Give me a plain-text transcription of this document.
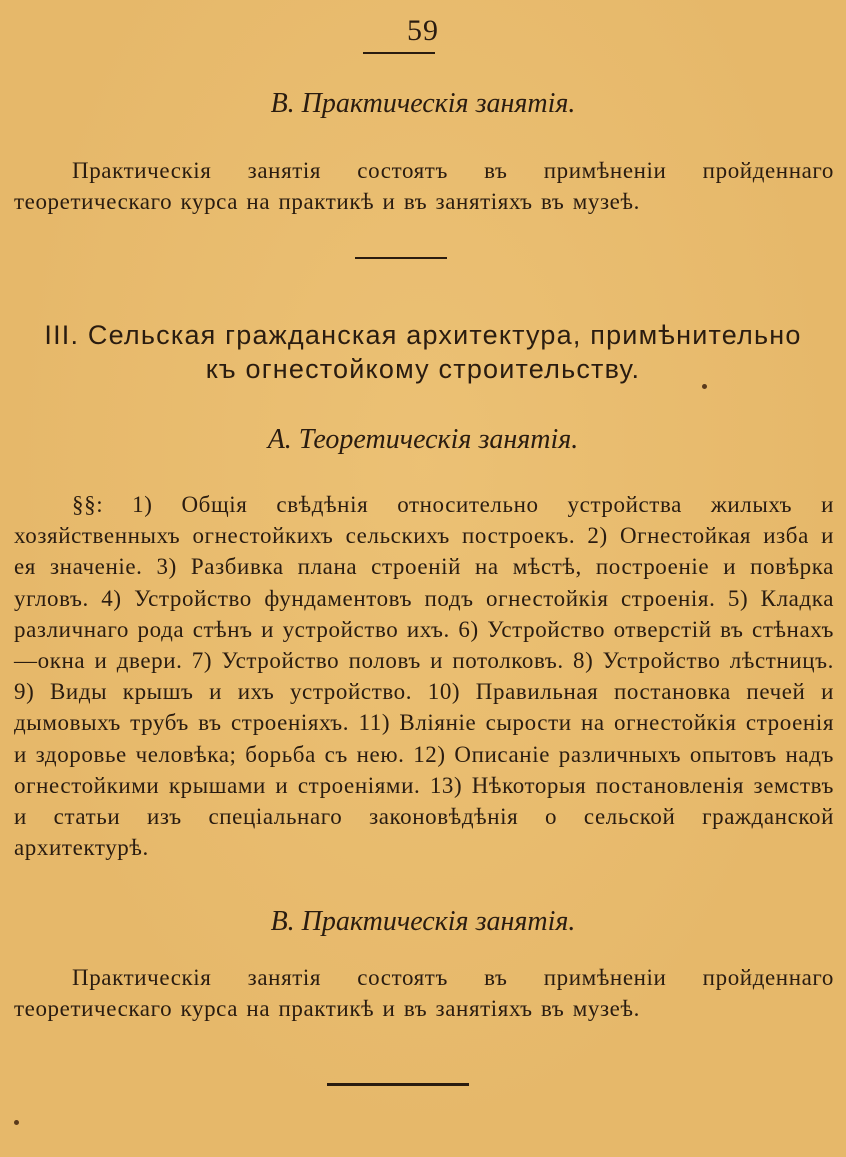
59
В. Практическія занятія.
Практическія занятія состоятъ въ примѣненіи пройденнаго теоретическаго курса на практикѣ и въ занятіяхъ въ музеѣ.
III. Сельская гражданская архитектура, примѣнительно
къ огнестойкому строительству.
А. Теоретическія занятія.
§§: 1) Общія свѣдѣнія относительно устройства жилыхъ и хозяйственныхъ огнестойкихъ сельскихъ построекъ. 2) Огнестойкая изба и ея значеніе. 3) Разбивка плана строеній на мѣстѣ, построеніе и повѣрка угловъ. 4) Устройство фундаментовъ подъ огнестойкія строенія. 5) Кладка различнаго рода стѣнъ и устройство ихъ. 6) Устройство отверстій въ стѣнахъ—окна и двери. 7) Устройство половъ и потолковъ. 8) Устройство лѣстницъ. 9) Виды крышъ и ихъ устройство. 10) Правильная постановка печей и дымовыхъ трубъ въ строеніяхъ. 11) Вліяніе сырости на огнестойкія строенія и здоровье человѣка; борьба съ нею. 12) Описаніе различныхъ опытовъ надъ огнестойкими крышами и строеніями. 13) Нѣкоторыя постановленія земствъ и статьи изъ спеціальнаго законовѣдѣнія о сельской гражданской архитектурѣ.
В. Практическія занятія.
Практическія занятія состоятъ въ примѣненіи пройденнаго теоретическаго курса на практикѣ и въ занятіяхъ въ музеѣ.
